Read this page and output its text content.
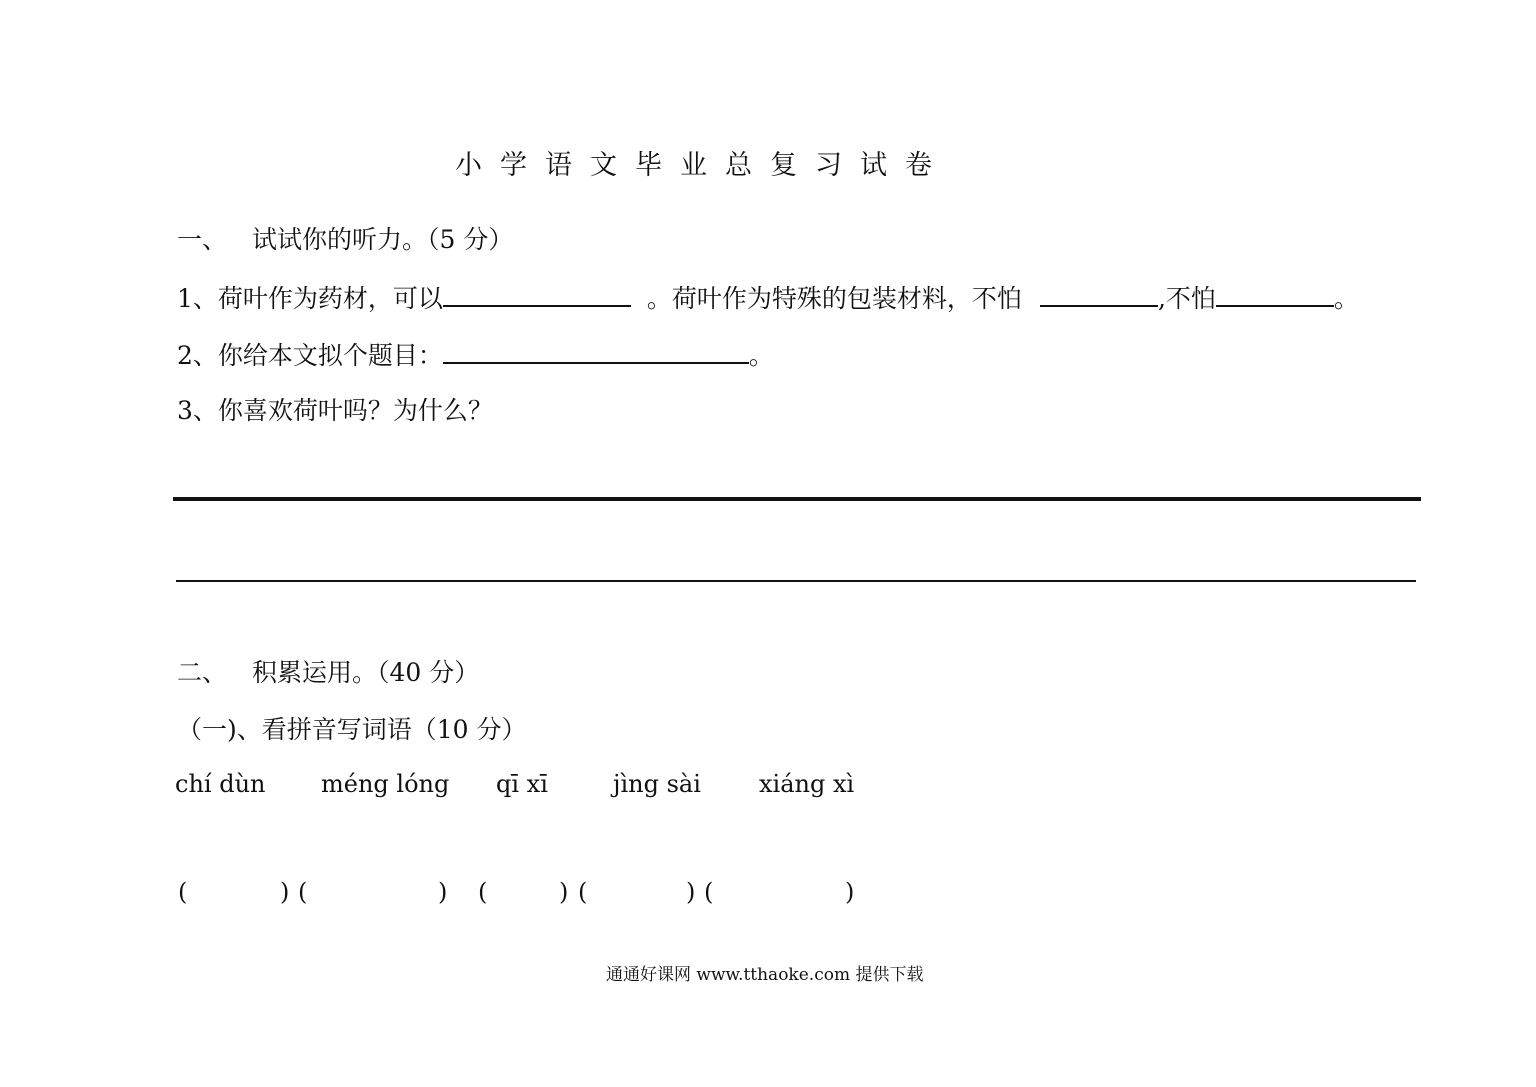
小学语文毕业总复习试卷
一、 试试你的听力。（5 分）
1、荷叶作为药材，可以	。荷叶作为特殊的包装材料，不怕	,不怕	。
2、你给本文拟个题目：	。
3、你喜欢荷叶吗？为什么？
二、 积累运用。（40 分）
（一)、看拼音写词语（10 分）
chí dùn méng lóng qī xī	jìng sài xiáng xì
(	) (	) (	) (	) (	)
通通好课网 www.tthaoke.com 提供下载
